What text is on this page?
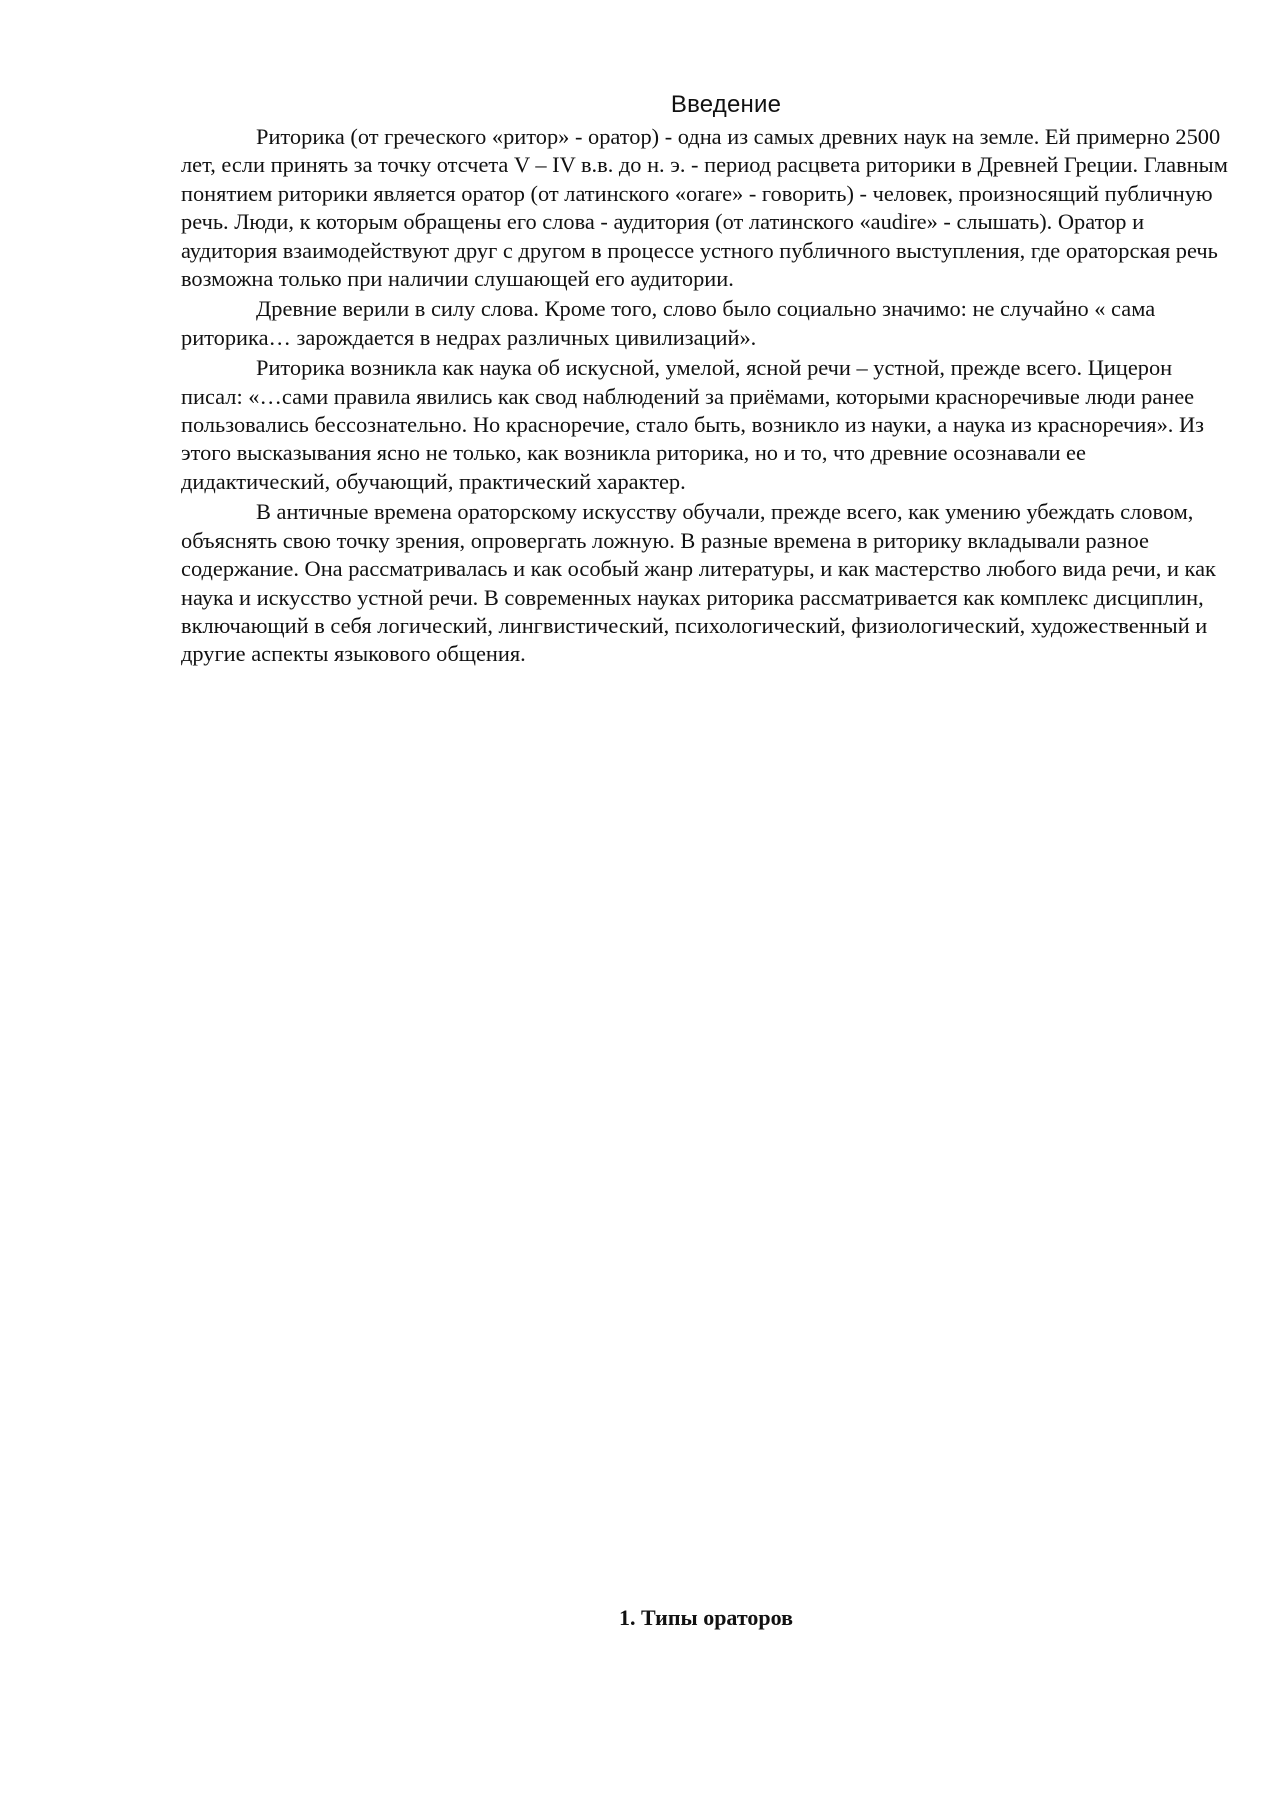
Введение

Риторика (от греческого «ритор» - оратор) - одна из самых древних наук на земле. Ей примерно 2500 лет, если принять за точку отсчета V – IV в.в. до н. э. - период расцвета риторики в Древней Греции. Главным понятием риторики является оратор (от латинского «orare» - говорить) - человек, произносящий публичную речь. Люди, к которым обращены его слова - аудитория (от латинского «audire» - слышать). Оратор и аудитория взаимодействуют друг с другом в процессе устного публичного выступления, где ораторская речь возможна только при наличии слушающей его аудитории.

Древние верили в силу слова. Кроме того, слово было социально значимо: не случайно « сама риторика… зарождается в недрах различных цивилизаций».

Риторика возникла как наука об искусной, умелой, ясной речи – устной, прежде всего. Цицерон писал: «…сами правила явились как свод наблюдений за приёмами, которыми красноречивые люди ранее пользовались бессознательно. Но красноречие, стало быть, возникло из науки, а наука из красноречия». Из этого высказывания ясно не только, как возникла риторика, но и то, что древние осознавали ее дидактический, обучающий, практический характер.

В античные времена ораторскому искусству обучали, прежде всего, как умению убеждать словом, объяснять свою точку зрения, опровергать ложную. В разные времена в риторику вкладывали разное содержание. Она рассматривалась и как особый жанр литературы, и как мастерство любого вида речи, и как наука и искусство устной речи. В современных науках риторика рассматривается как комплекс дисциплин, включающий в себя логический, лингвистический, психологический, физиологический, художественный и другие аспекты языкового общения.

1. Типы ораторов
